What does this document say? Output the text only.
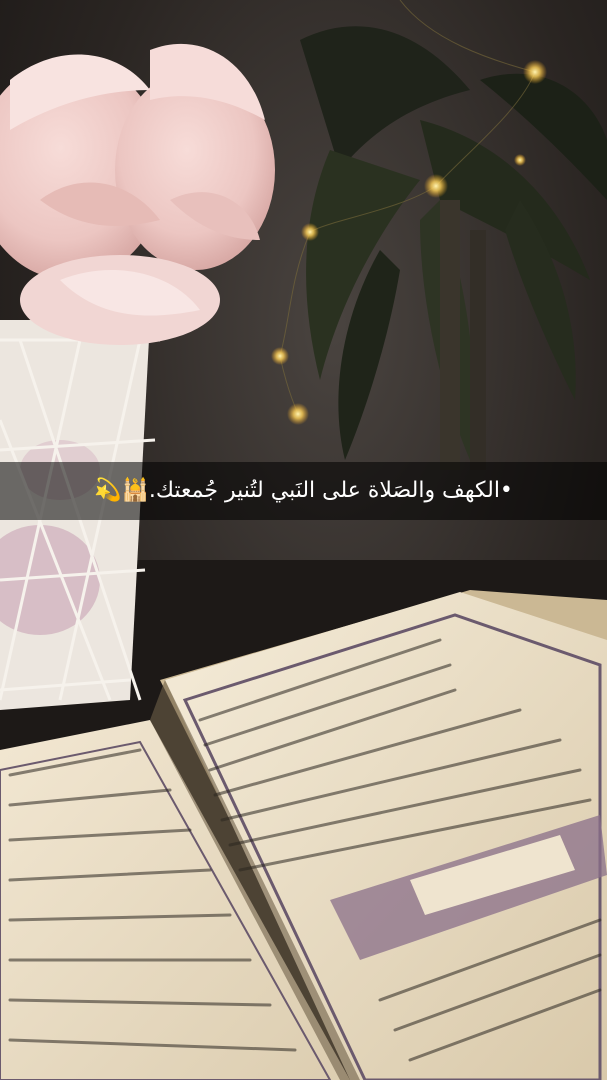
•الكهف والصَلاة على النَبي لتُنير جُمعتك.🕌💫
